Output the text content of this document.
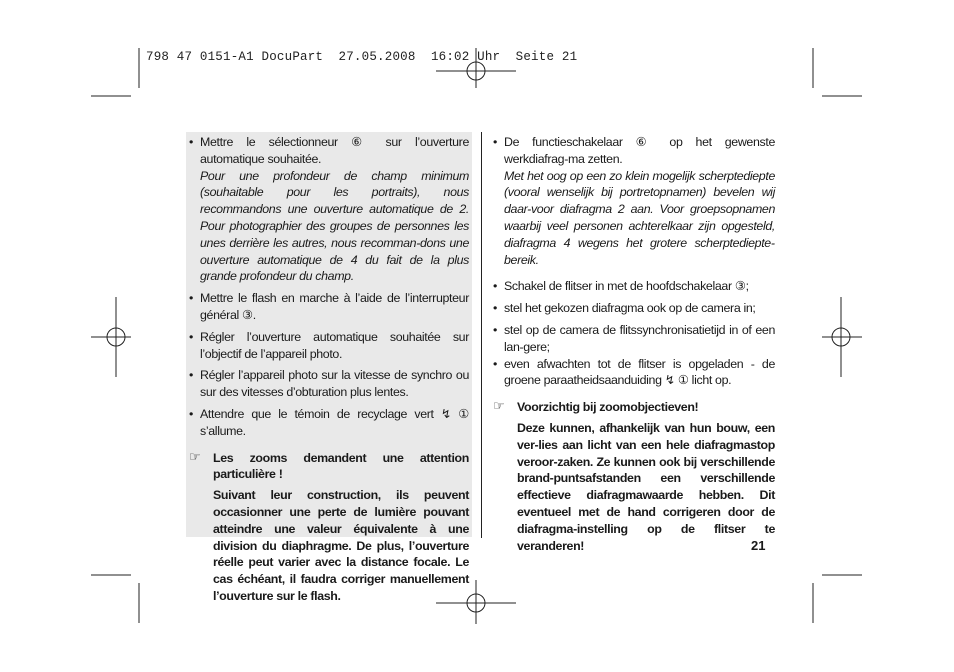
798 47 0151-A1 DocuPart  27.05.2008  16:02 Uhr  Seite 21
• Mettre le sélectionneur ⑥ sur l’ouverture automatique souhaitée.
Pour une profondeur de champ minimum (souhaitable pour les portraits), nous recommandons une ouverture automatique de 2. Pour photographier des groupes de personnes les unes derrière les autres, nous recomman-dons une ouverture automatique de 4 du fait de la plus grande profondeur du champ.
• Mettre le flash en marche à l’aide de l’interrupteur général ③.
• Régler l’ouverture automatique souhaitée sur l’objectif de l’appareil photo.
• Régler l’appareil photo sur la vitesse de synchro ou sur des vitesses d’obturation plus lentes.
• Attendre que le témoin de recyclage vert ↯ ① s’allume.
☞ Les zooms demandent une attention particulière !
Suivant leur construction, ils peuvent occasionner une perte de lumière pouvant atteindre une valeur équivalente à une division du diaphragme. De plus, l’ouverture réelle peut varier avec la distance focale. Le cas échéant, il faudra corriger manuellement l’ouverture sur le flash.
• De functieschakelaar ⑥ op het gewenste werkdiafrag-ma zetten.
Met het oog op een zo klein mogelijk scherptediepte (vooral wenselijk bij portretopnamen) bevelen wij daar-voor diafragma 2 aan. Voor groepsopnamen waarbij veel personen achterelkaar zijn opgesteld, diafragma 4 wegens het grotere scherptedieptebereik.
• Schakel de flitser in met de hoofdschakelaar ③;
• stel het gekozen diafragma ook op de camera in;
• stel op de camera de flitssynchronisatietijd in of een lan-gere;
• even afwachten tot de flitser is opgeladen - de groene paraatheidsaanduiding ↯ ① licht op.
☞ Voorzichtig bij zoomobjectieven!
Deze kunnen, afhankelijk van hun bouw, een ver-lies aan licht van een hele diafragmastop veroor-zaken. Ze kunnen ook bij verschillende brand-puntsafstanden een verschillende effectieve diafragmawaarde hebben. Dit eventueel met de hand corrigeren door de diafragma-instelling op de flitser te veranderen!	21
